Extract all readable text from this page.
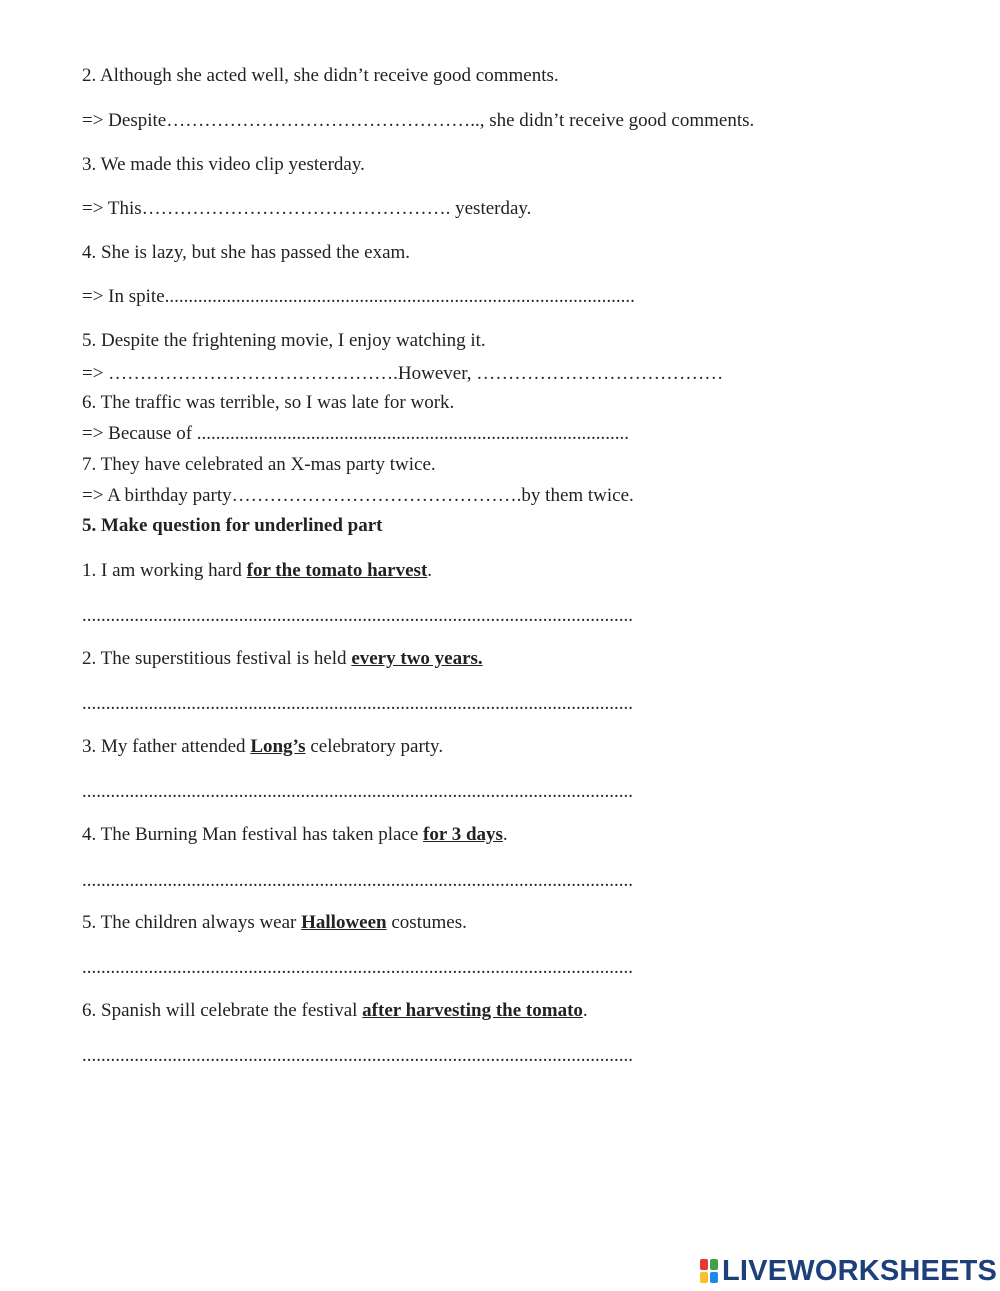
2. Although she acted well, she didn’t receive good comments.
=> Despite………………………………………….., she didn’t receive good comments.
3. We made this video clip yesterday.
=> This…………………………………………. yesterday.
4. She is lazy, but she has passed the exam.
=> In spite...................................................................................................
5. Despite the frightening movie, I enjoy watching it.
=> ……………………………………….However, …………………………………
6. The traffic was terrible, so I was late for work.
=> Because of ...........................................................................................
7. They have celebrated an X-mas party twice.
=> A birthday party……………………………………….by them twice.
5. Make question for underlined part
1. I am working hard for the tomato harvest.
....................................................................................................................
2. The superstitious festival is held every two years.
....................................................................................................................
3. My father attended Long’s celebratory party.
....................................................................................................................
4. The Burning Man festival has taken place for 3 days.
....................................................................................................................
5. The children always wear Halloween costumes.
....................................................................................................................
6. Spanish will celebrate the festival after harvesting the tomato.
....................................................................................................................
LIVEWORKSHEETS
